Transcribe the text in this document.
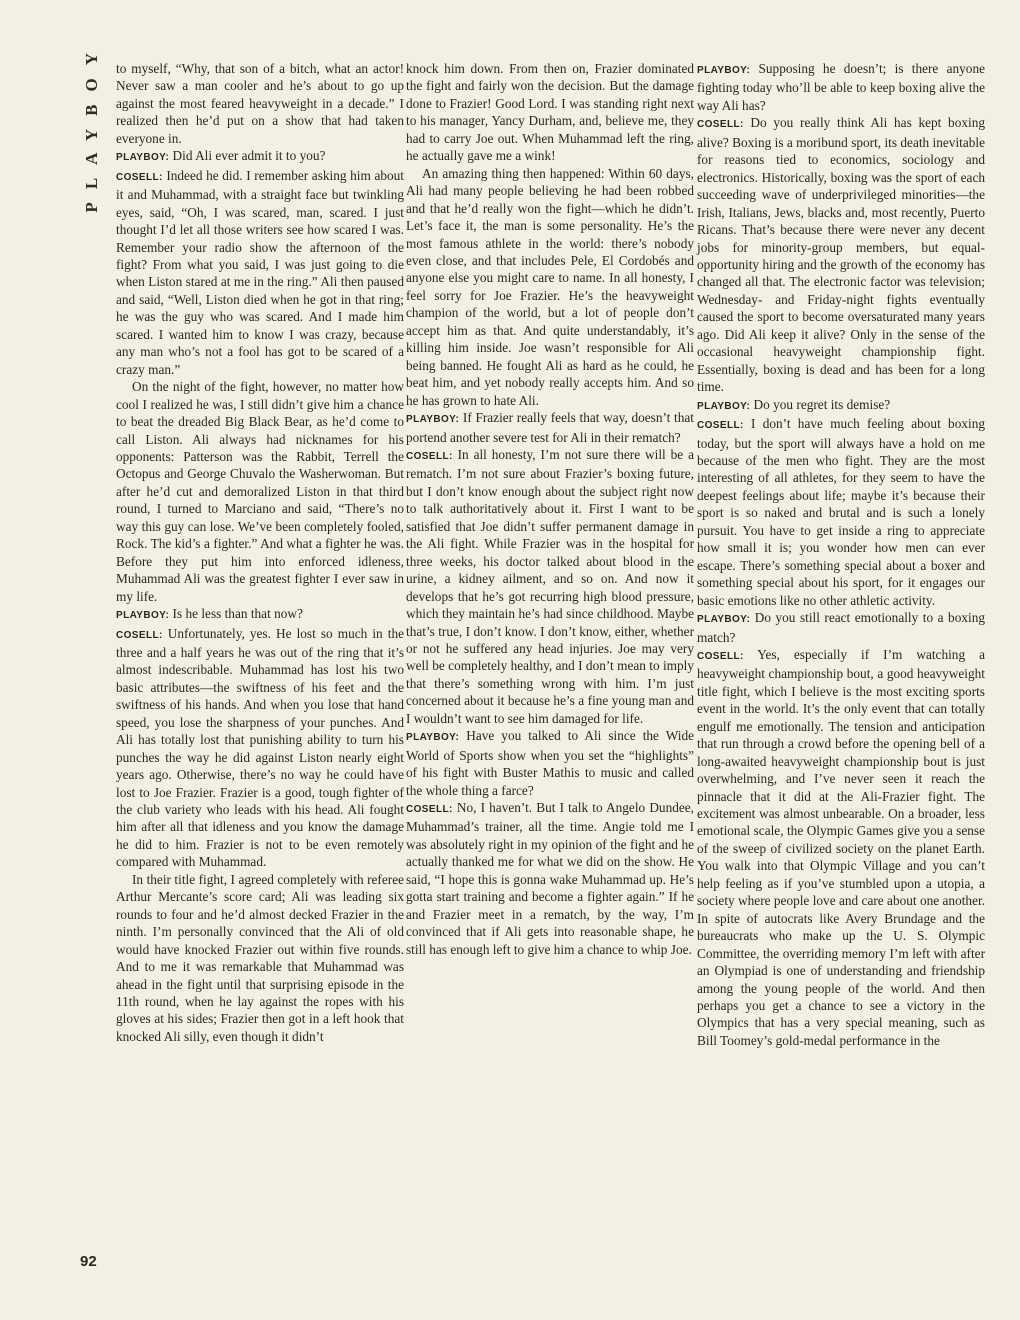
PLAYBOY to myself, “Why, that son of a bitch, what an actor! Never saw a man cooler and he’s about to go up against the most feared heavyweight in a decade.” I realized then he’d put on a show that had taken everyone in.

PLAYBOY: Did Ali ever admit it to you?

COSELL: Indeed he did. I remember asking him about it and Muhammad, with a straight face but twinkling eyes, said, “Oh, I was scared, man, scared. I just thought I’d let all those writers see how scared I was. Remember your radio show the afternoon of the fight? From what you said, I was just going to die when Liston stared at me in the ring.” Ali then paused and said, “Well, Liston died when he got in that ring; he was the guy who was scared. And I made him scared. I wanted him to know I was crazy, because any man who’s not a fool has got to be scared of a crazy man.”

On the night of the fight, however, no matter how cool I realized he was, I still didn’t give him a chance to beat the dreaded Big Black Bear, as he’d come to call Liston. Ali always had nicknames for his opponents: Patterson was the Rabbit, Terrell the Octopus and George Chuvalo the Washerwoman. But after he’d cut and demoralized Liston in that third round, I turned to Marciano and said, “There’s no way this guy can lose. We’ve been completely fooled, Rock. The kid’s a fighter.” And what a fighter he was. Before they put him into enforced idleness, Muhammad Ali was the greatest fighter I ever saw in my life.

PLAYBOY: Is he less than that now?

COSELL: Unfortunately, yes. He lost so much in the three and a half years he was out of the ring that it’s almost indescribable. Muhammad has lost his two basic attributes—the swiftness of his feet and the swiftness of his hands. And when you lose that hand speed, you lose the sharpness of your punches. And Ali has totally lost that punishing ability to turn his punches the way he did against Liston nearly eight years ago. Otherwise, there’s no way he could have lost to Joe Frazier. Frazier is a good, tough fighter of the club variety who leads with his head. Ali fought him after all that idleness and you know the damage he did to him. Frazier is not to be even remotely compared with Muhammad.

In their title fight, I agreed completely with referee Arthur Mercante’s score card; Ali was leading six rounds to four and he’d almost decked Frazier in the ninth. I’m personally convinced that the Ali of old would have knocked Frazier out within five rounds. And to me it was remarkable that Muhammad was ahead in the fight until that surprising episode in the 11th round, when he lay against the ropes with his gloves at his sides; Frazier then got in a left hook that knocked Ali silly, even though it didn’t

knock him down. From then on, Frazier dominated the fight and fairly won the decision. But the damage done to Frazier! Good Lord. I was standing right next to his manager, Yancy Durham, and, believe me, they had to carry Joe out. When Muhammad left the ring, he actually gave me a wink!

An amazing thing then happened: Within 60 days, Ali had many people believing he had been robbed and that he’d really won the fight—which he didn’t. Let’s face it, the man is some personality. He’s the most famous athlete in the world: there’s nobody even close, and that includes Pele, El Cordobés and anyone else you might care to name. In all honesty, I feel sorry for Joe Frazier. He’s the heavyweight champion of the world, but a lot of people don’t accept him as that. And quite understandably, it’s killing him inside. Joe wasn’t responsible for Ali being banned. He fought Ali as hard as he could, he beat him, and yet nobody really accepts him. And so he has grown to hate Ali.

PLAYBOY: If Frazier really feels that way, doesn’t that portend another severe test for Ali in their rematch?

COSELL: In all honesty, I’m not sure there will be a rematch. I’m not sure about Frazier’s boxing future, but I don’t know enough about the subject right now to talk authoritatively about it. First I want to be satisfied that Joe didn’t suffer permanent damage in the Ali fight. While Frazier was in the hospital for three weeks, his doctor talked about blood in the urine, a kidney ailment, and so on. And now it develops that he’s got recurring high blood pressure, which they maintain he’s had since childhood. Maybe that’s true, I don’t know. I don’t know, either, whether or not he suffered any head injuries. Joe may very well be completely healthy, and I don’t mean to imply that there’s something wrong with him. I’m just concerned about it because he’s a fine young man and I wouldn’t want to see him damaged for life.

PLAYBOY: Have you talked to Ali since the Wide World of Sports show when you set the “highlights” of his fight with Buster Mathis to music and called the whole thing a farce?

COSELL: No, I haven’t. But I talk to Angelo Dundee, Muhammad’s trainer, all the time. Angie told me I was absolutely right in my opinion of the fight and he actually thanked me for what we did on the show. He said, “I hope this is gonna wake Muhammad up. He’s gotta start training and become a fighter again.” If he and Frazier meet in a rematch, by the way, I’m convinced that if Ali gets into reasonable shape, he still has enough left to give him a chance to whip Joe.

PLAYBOY: Supposing he doesn’t; is there anyone fighting today who’ll be able to keep boxing alive the way Ali has?

COSELL: Do you really think Ali has kept boxing alive? Boxing is a moribund sport, its death inevitable for reasons tied to economics, sociology and electronics. Historically, boxing was the sport of each succeeding wave of underprivileged minorities—the Irish, Italians, Jews, blacks and, most recently, Puerto Ricans. That’s because there were never any decent jobs for minority-group members, but equal-opportunity hiring and the growth of the economy has changed all that. The electronic factor was television; Wednesday- and Friday-night fights eventually caused the sport to become oversaturated many years ago. Did Ali keep it alive? Only in the sense of the occasional heavyweight championship fight. Essentially, boxing is dead and has been for a long time.

PLAYBOY: Do you regret its demise?

COSELL: I don’t have much feeling about boxing today, but the sport will always have a hold on me because of the men who fight. They are the most interesting of all athletes, for they seem to have the deepest feelings about life; maybe it’s because their sport is so naked and brutal and is such a lonely pursuit. You have to get inside a ring to appreciate how small it is; you wonder how men can ever escape. There’s something special about a boxer and something special about his sport, for it engages our basic emotions like no other athletic activity.

PLAYBOY: Do you still react emotionally to a boxing match?

COSELL: Yes, especially if I’m watching a heavyweight championship bout, a good heavyweight title fight, which I believe is the most exciting sports event in the world. It’s the only event that can totally engulf me emotionally. The tension and anticipation that run through a crowd before the opening bell of a long-awaited heavyweight championship bout is just overwhelming, and I’ve never seen it reach the pinnacle that it did at the Ali-Frazier fight. The excitement was almost unbearable. On a broader, less emotional scale, the Olympic Games give you a sense of the sweep of civilized society on the planet Earth. You walk into that Olympic Village and you can’t help feeling as if you’ve stumbled upon a utopia, a society where people love and care about one another. In spite of autocrats like Avery Brundage and the bureaucrats who make up the U. S. Olympic Committee, the overriding memory I’m left with after an Olympiad is one of understanding and friendship among the young people of the world. And then perhaps you get a chance to see a victory in the Olympics that has a very special meaning, such as Bill Toomey’s gold-medal performance in the

92
